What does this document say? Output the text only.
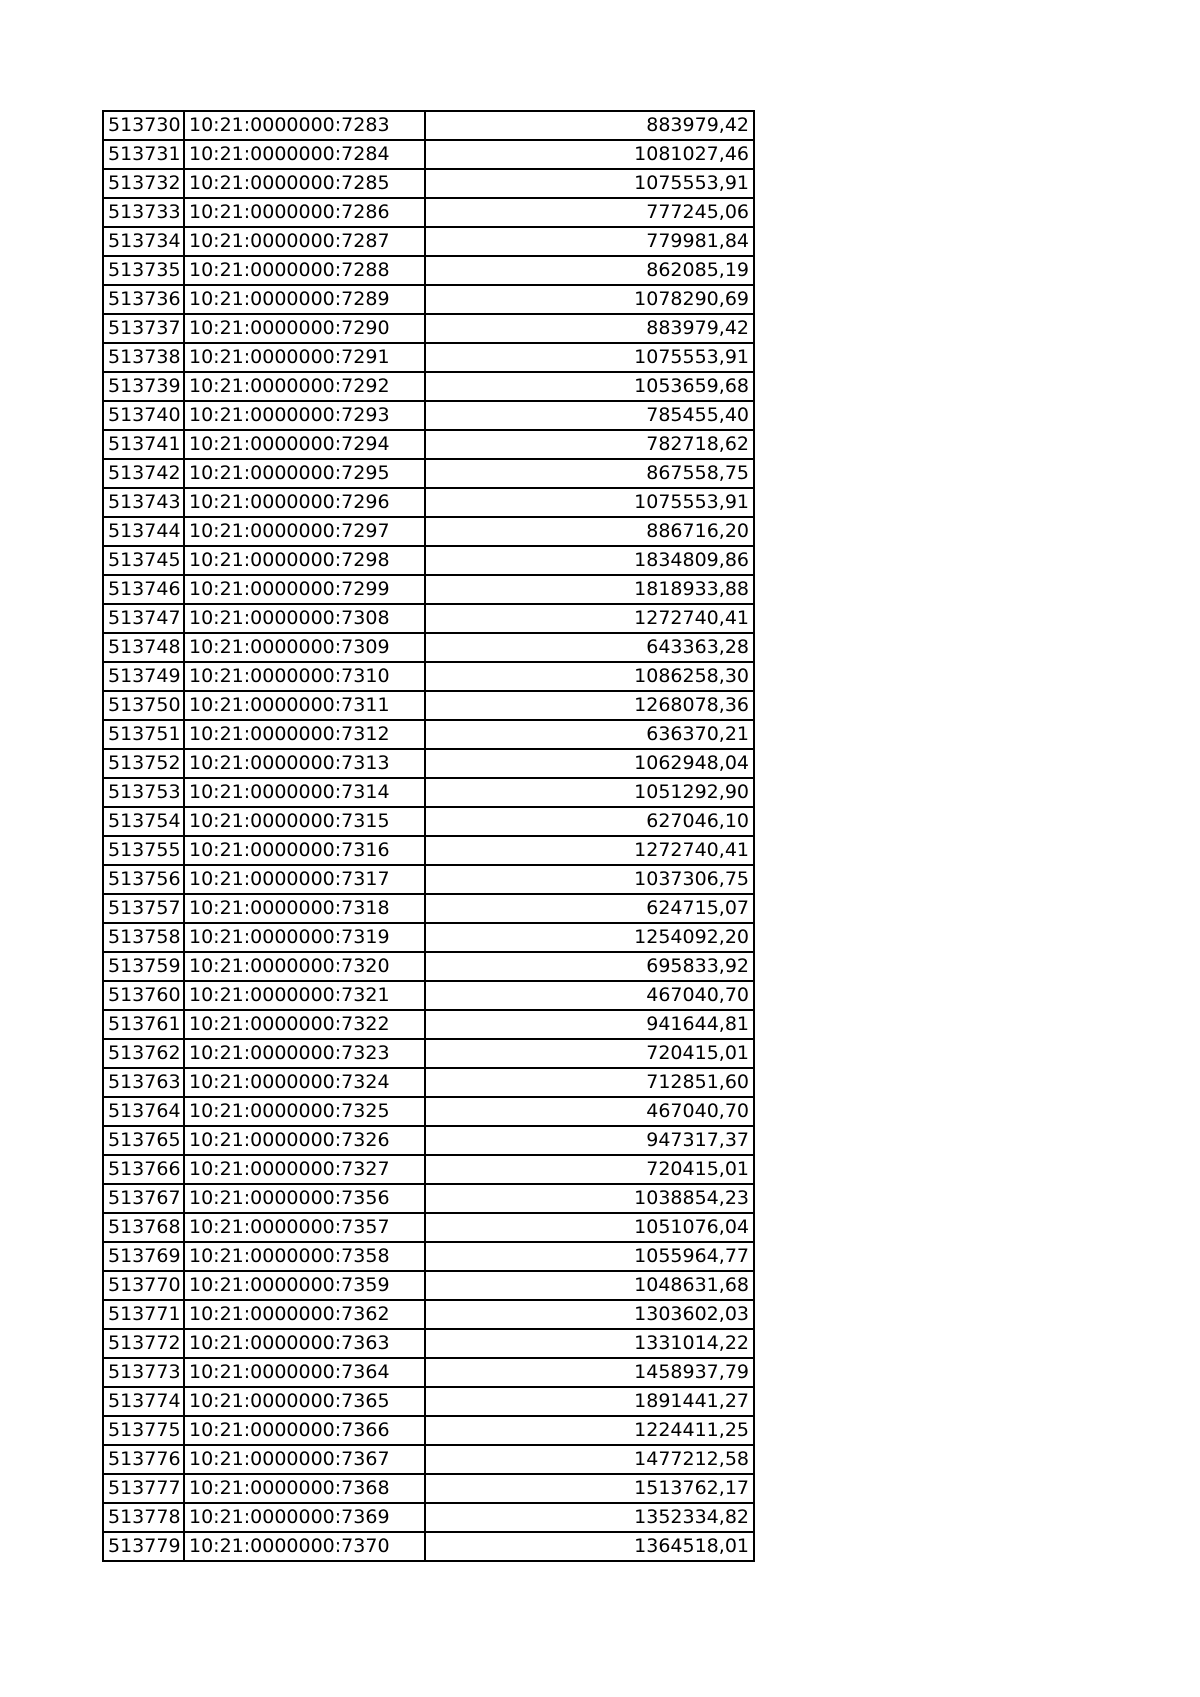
513730	10:21:0000000:7283	883979,42
513731	10:21:0000000:7284	1081027,46
513732	10:21:0000000:7285	1075553,91
513733	10:21:0000000:7286	777245,06
513734	10:21:0000000:7287	779981,84
513735	10:21:0000000:7288	862085,19
513736	10:21:0000000:7289	1078290,69
513737	10:21:0000000:7290	883979,42
513738	10:21:0000000:7291	1075553,91
513739	10:21:0000000:7292	1053659,68
513740	10:21:0000000:7293	785455,40
513741	10:21:0000000:7294	782718,62
513742	10:21:0000000:7295	867558,75
513743	10:21:0000000:7296	1075553,91
513744	10:21:0000000:7297	886716,20
513745	10:21:0000000:7298	1834809,86
513746	10:21:0000000:7299	1818933,88
513747	10:21:0000000:7308	1272740,41
513748	10:21:0000000:7309	643363,28
513749	10:21:0000000:7310	1086258,30
513750	10:21:0000000:7311	1268078,36
513751	10:21:0000000:7312	636370,21
513752	10:21:0000000:7313	1062948,04
513753	10:21:0000000:7314	1051292,90
513754	10:21:0000000:7315	627046,10
513755	10:21:0000000:7316	1272740,41
513756	10:21:0000000:7317	1037306,75
513757	10:21:0000000:7318	624715,07
513758	10:21:0000000:7319	1254092,20
513759	10:21:0000000:7320	695833,92
513760	10:21:0000000:7321	467040,70
513761	10:21:0000000:7322	941644,81
513762	10:21:0000000:7323	720415,01
513763	10:21:0000000:7324	712851,60
513764	10:21:0000000:7325	467040,70
513765	10:21:0000000:7326	947317,37
513766	10:21:0000000:7327	720415,01
513767	10:21:0000000:7356	1038854,23
513768	10:21:0000000:7357	1051076,04
513769	10:21:0000000:7358	1055964,77
513770	10:21:0000000:7359	1048631,68
513771	10:21:0000000:7362	1303602,03
513772	10:21:0000000:7363	1331014,22
513773	10:21:0000000:7364	1458937,79
513774	10:21:0000000:7365	1891441,27
513775	10:21:0000000:7366	1224411,25
513776	10:21:0000000:7367	1477212,58
513777	10:21:0000000:7368	1513762,17
513778	10:21:0000000:7369	1352334,82
513779	10:21:0000000:7370	1364518,01
